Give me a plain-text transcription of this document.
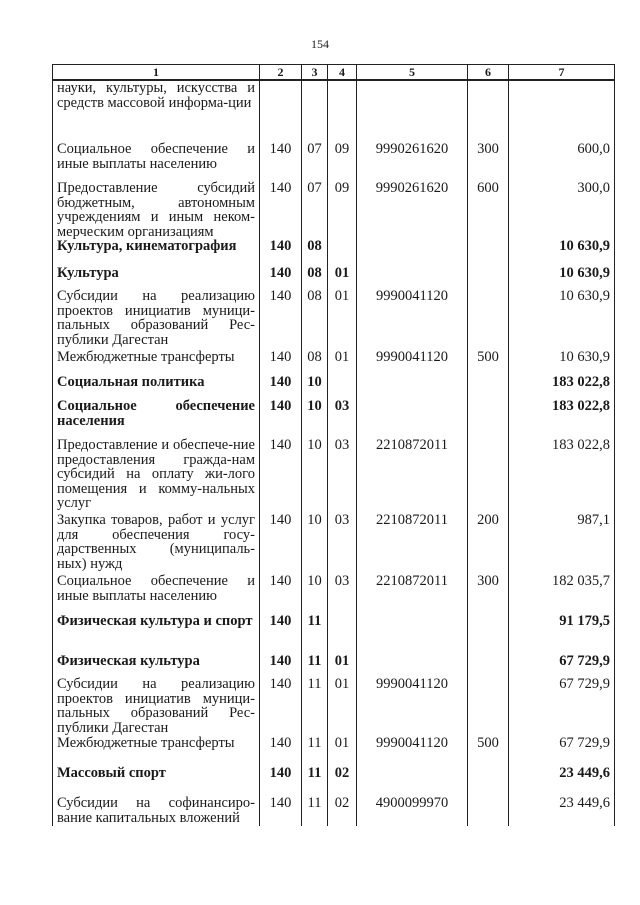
154
1	2	3	4	5	6	7
науки, культуры, искусства и средств массовой информа-ции						
Социальное обеспечение и иные выплаты населению	140	07	09	9990261620	300	600,0
Предоставление субсидий бюджетным, автономным учреждениям и иным неком-мерческим организациям	140	07	09	9990261620	600	300,0
Культура, кинематография	140	08				10 630,9
Культура	140	08	01			10 630,9
Субсидии на реализацию проектов инициатив муници-пальных образований Рес-публики Дагестан	140	08	01	9990041120		10 630,9
Межбюджетные трансферты	140	08	01	9990041120	500	10 630,9
Социальная политика	140	10				183 022,8
Социальное обеспечение населения	140	10	03			183 022,8
Предоставление и обеспече-ние предоставления гражда-нам субсидий на оплату жи-лого помещения и комму-нальных услуг	140	10	03	2210872011		183 022,8
Закупка товаров, работ и услуг для обеспечения госу-дарственных (муниципаль-ных) нужд	140	10	03	2210872011	200	987,1
Социальное обеспечение и иные выплаты населению	140	10	03	2210872011	300	182 035,7
Физическая культура и спорт	140	11				91 179,5
Физическая культура	140	11	01			67 729,9
Субсидии на реализацию проектов инициатив муници-пальных образований Рес-публики Дагестан	140	11	01	9990041120		67 729,9
Межбюджетные трансферты	140	11	01	9990041120	500	67 729,9
Массовый спорт	140	11	02			23 449,6
Субсидии на софинансиро-вание капитальных вложений	140	11	02	4900099970		23 449,6
